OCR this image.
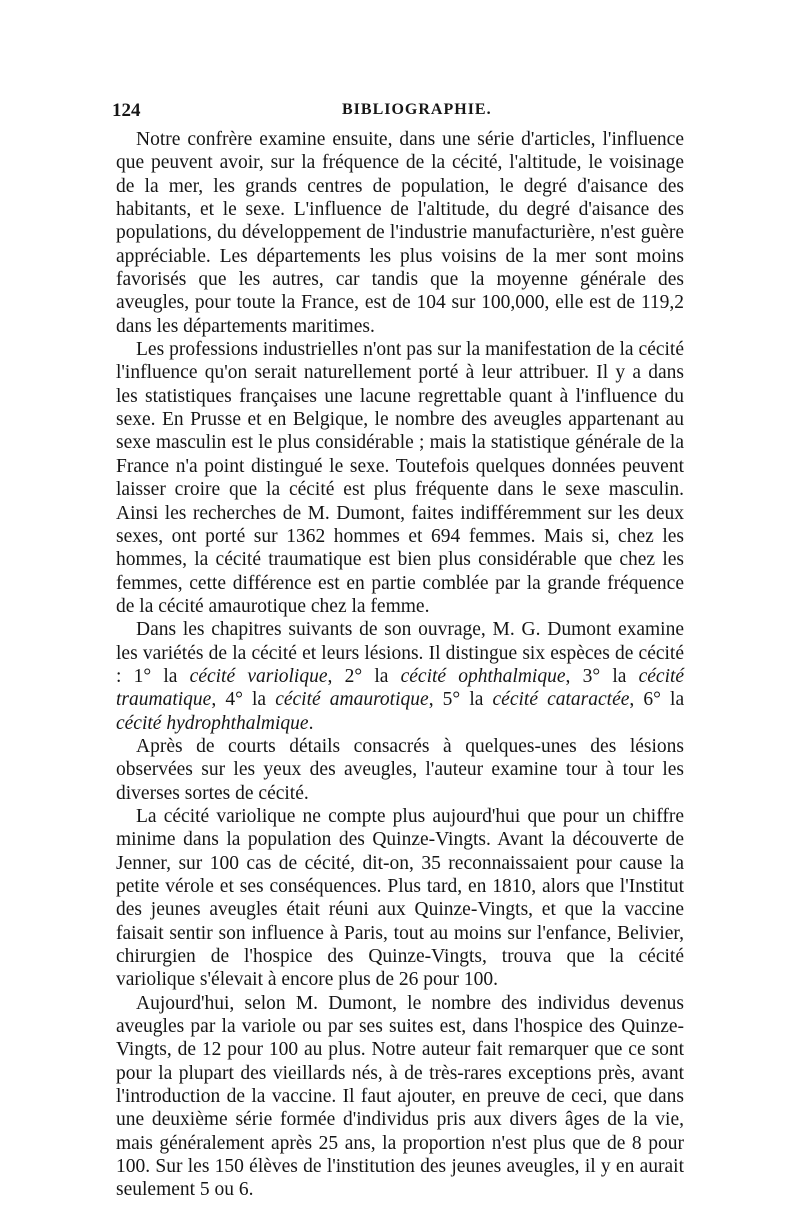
124	BIBLIOGRAPHIE.

Notre confrère examine ensuite, dans une série d'articles, l'influence que peuvent avoir, sur la fréquence de la cécité, l'altitude, le voisinage de la mer, les grands centres de population, le degré d'aisance des habitants, et le sexe. L'influence de l'altitude, du degré d'aisance des populations, du développement de l'industrie manufacturière, n'est guère appréciable. Les départements les plus voisins de la mer sont moins favorisés que les autres, car tandis que la moyenne générale des aveugles, pour toute la France, est de 104 sur 100,000, elle est de 119,2 dans les départements maritimes.

Les professions industrielles n'ont pas sur la manifestation de la cécité l'influence qu'on serait naturellement porté à leur attribuer. Il y a dans les statistiques françaises une lacune regrettable quant à l'influence du sexe. En Prusse et en Belgique, le nombre des aveugles appartenant au sexe masculin est le plus considérable ; mais la statistique générale de la France n'a point distingué le sexe. Toutefois quelques données peuvent laisser croire que la cécité est plus fréquente dans le sexe masculin. Ainsi les recherches de M. Dumont, faites indifféremment sur les deux sexes, ont porté sur 1362 hommes et 694 femmes. Mais si, chez les hommes, la cécité traumatique est bien plus considérable que chez les femmes, cette différence est en partie comblée par la grande fréquence de la cécité amaurotique chez la femme.

Dans les chapitres suivants de son ouvrage, M. G. Dumont examine les variétés de la cécité et leurs lésions. Il distingue six espèces de cécité : 1° la cécité variolique, 2° la cécité ophthalmique, 3° la cécité traumatique, 4° la cécité amaurotique, 5° la cécité cataractée, 6° la cécité hydrophthalmique.

Après de courts détails consacrés à quelques-unes des lésions observées sur les yeux des aveugles, l'auteur examine tour à tour les diverses sortes de cécité.

La cécité variolique ne compte plus aujourd'hui que pour un chiffre minime dans la population des Quinze-Vingts. Avant la découverte de Jenner, sur 100 cas de cécité, dit-on, 35 reconnaissaient pour cause la petite vérole et ses conséquences. Plus tard, en 1810, alors que l'Institut des jeunes aveugles était réuni aux Quinze-Vingts, et que la vaccine faisait sentir son influence à Paris, tout au moins sur l'enfance, Belivier, chirurgien de l'hospice des Quinze-Vingts, trouva que la cécité variolique s'élevait à encore plus de 26 pour 100.

Aujourd'hui, selon M. Dumont, le nombre des individus devenus aveugles par la variole ou par ses suites est, dans l'hospice des Quinze-Vingts, de 12 pour 100 au plus. Notre auteur fait remarquer que ce sont pour la plupart des vieillards nés, à de très-rares exceptions près, avant l'introduction de la vaccine. Il faut ajouter, en preuve de ceci, que dans une deuxième série formée d'individus pris aux divers âges de la vie, mais généralement après 25 ans, la proportion n'est plus que de 8 pour 100. Sur les 150 élèves de l'institution des jeunes aveugles, il y en aurait seulement 5 ou 6.
